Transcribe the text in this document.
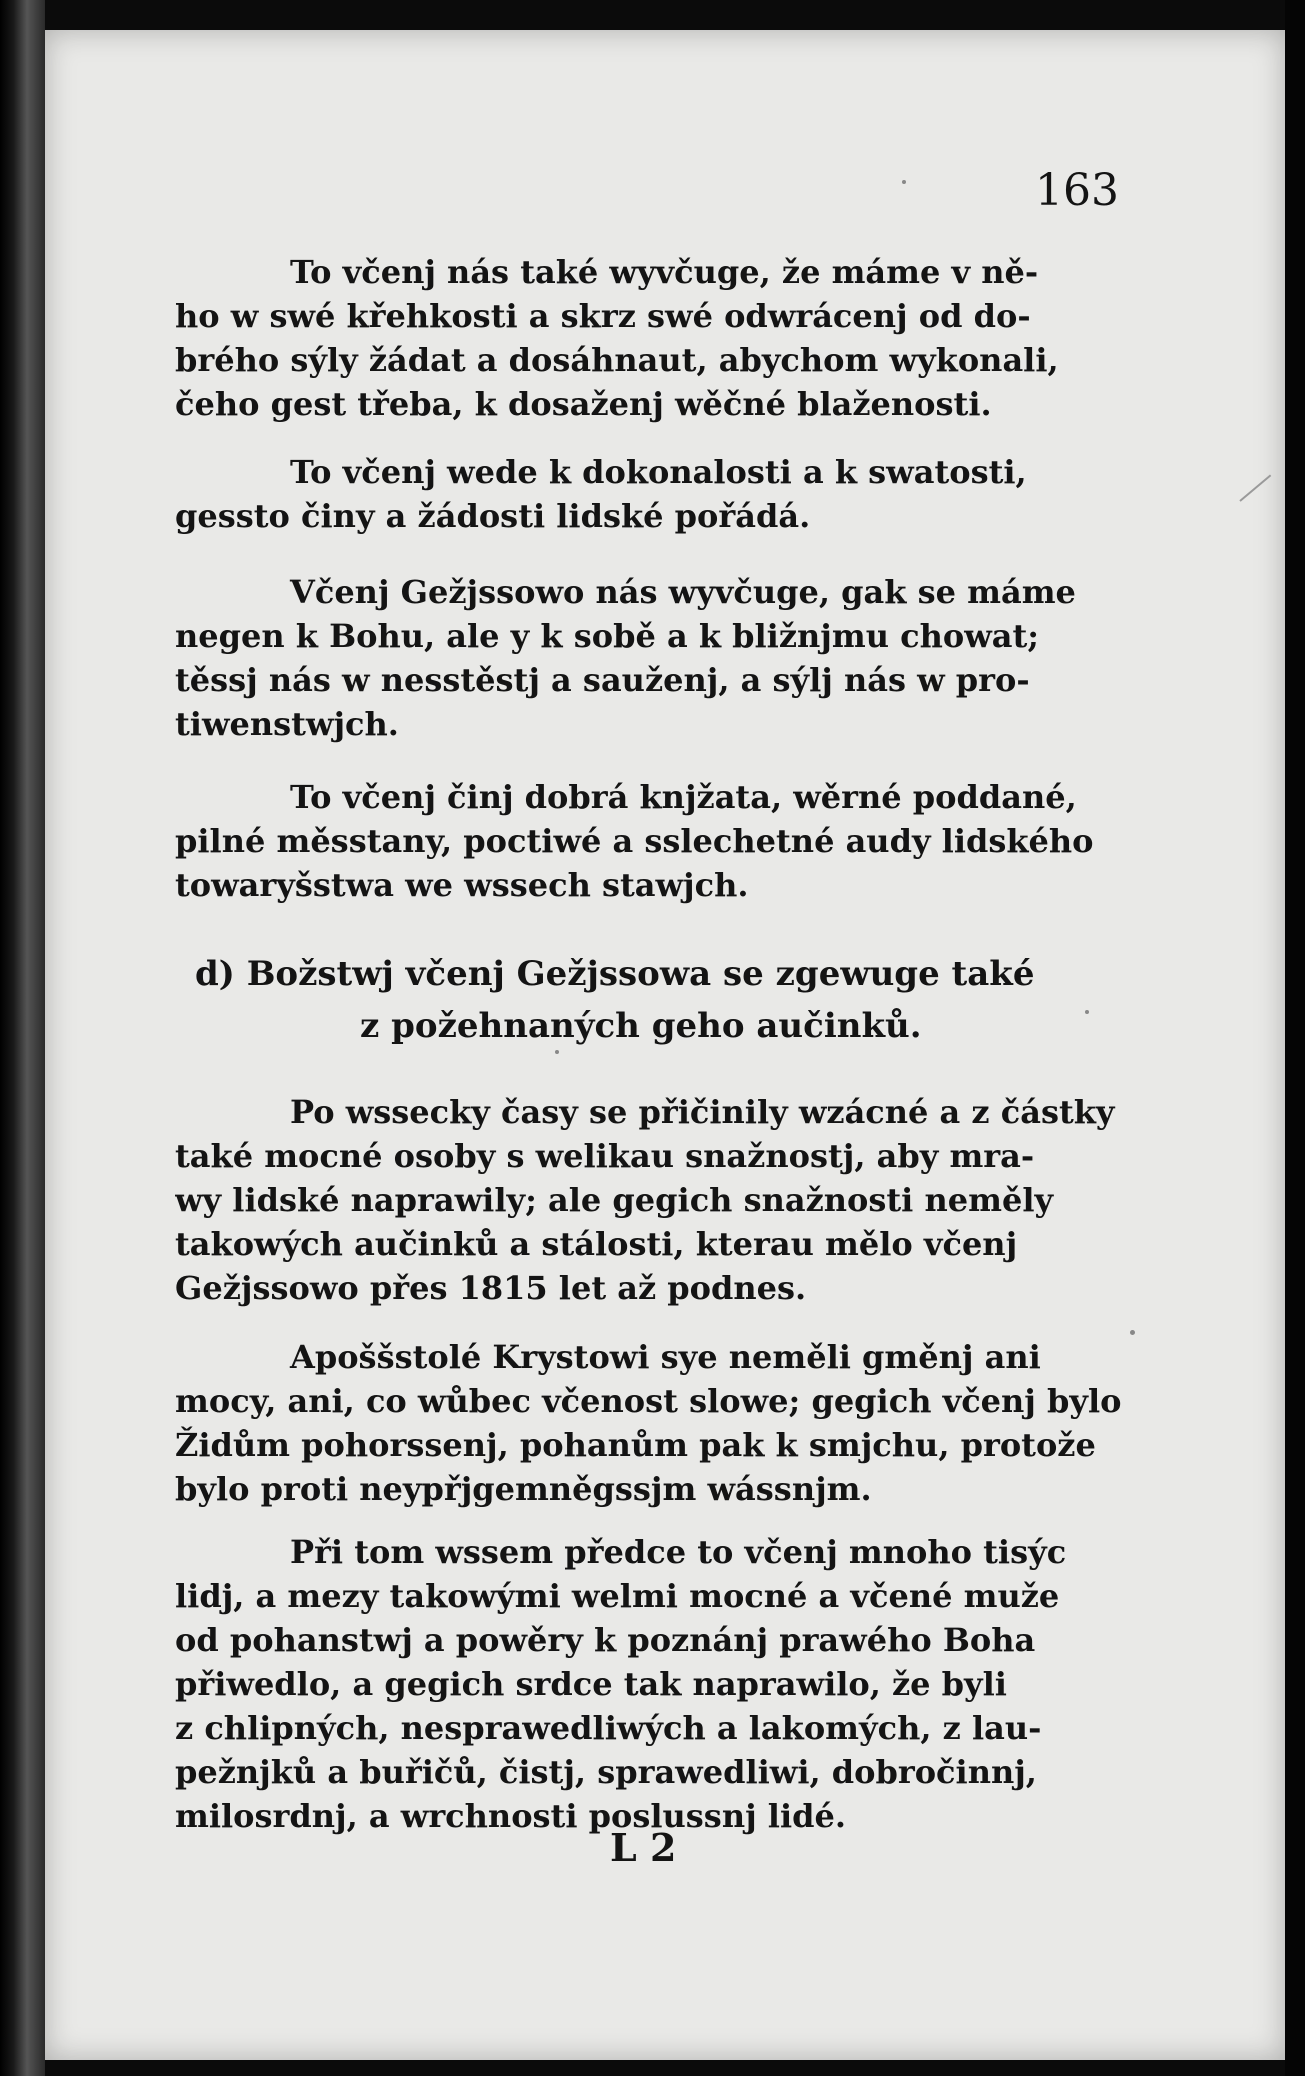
163
To včenj nás také wyvčuge, že máme v ně-
ho w swé křehkosti a skrz swé odwrácenj od do-
brého sýly žádat a dosáhnaut, abychom wykonali,
čeho gest třeba, k dosaženj wěčné blaženosti.
To včenj wede k dokonalosti a k swatosti,
gessto činy a žádosti lidské pořádá.
Včenj Gežjssowo nás wyvčuge, gak se máme
negen k Bohu, ale y k sobě a k bližnjmu chowat;
těssj nás w nesstěstj a sauženj, a sýlj nás w pro-
tiwenstwjch.
To včenj činj dobrá knjžata, wěrné poddané,
pilné měsstany, poctiwé a sslechetné audy lidského
towaryšstwa we wssech stawjch.
d) Božstwj včenj Gežjssowa se zgewuge také
z požehnaných geho aučinků.
Po wssecky časy se přičinily wzácné a z částky
také mocné osoby s welikau snažnostj, aby mra-
wy lidské naprawily; ale gegich snažnosti neměly
takowých aučinků a stálosti, kterau mělo včenj
Gežjssowo přes 1815 let až podnes.
Apoššstolé Krystowi sye neměli gměnj ani
mocy, ani, co wůbec včenost slowe; gegich včenj bylo
Židům pohorssenj, pohanům pak k smjchu, protože
bylo proti neypřjgemněgssjm wássnjm.
Při tom wssem předce to včenj mnoho tisýc
lidj, a mezy takowými welmi mocné a včené muže
od pohanstwj a powěry k poznánj prawého Boha
přiwedlo, a gegich srdce tak naprawilo, že byli
z chlipných, nesprawedliwých a lakomých, z lau-
pežnjků a buřičů, čistj, sprawedliwi, dobročinnj,
milosrdnj, a wrchnosti poslussnj lidé.
L 2
